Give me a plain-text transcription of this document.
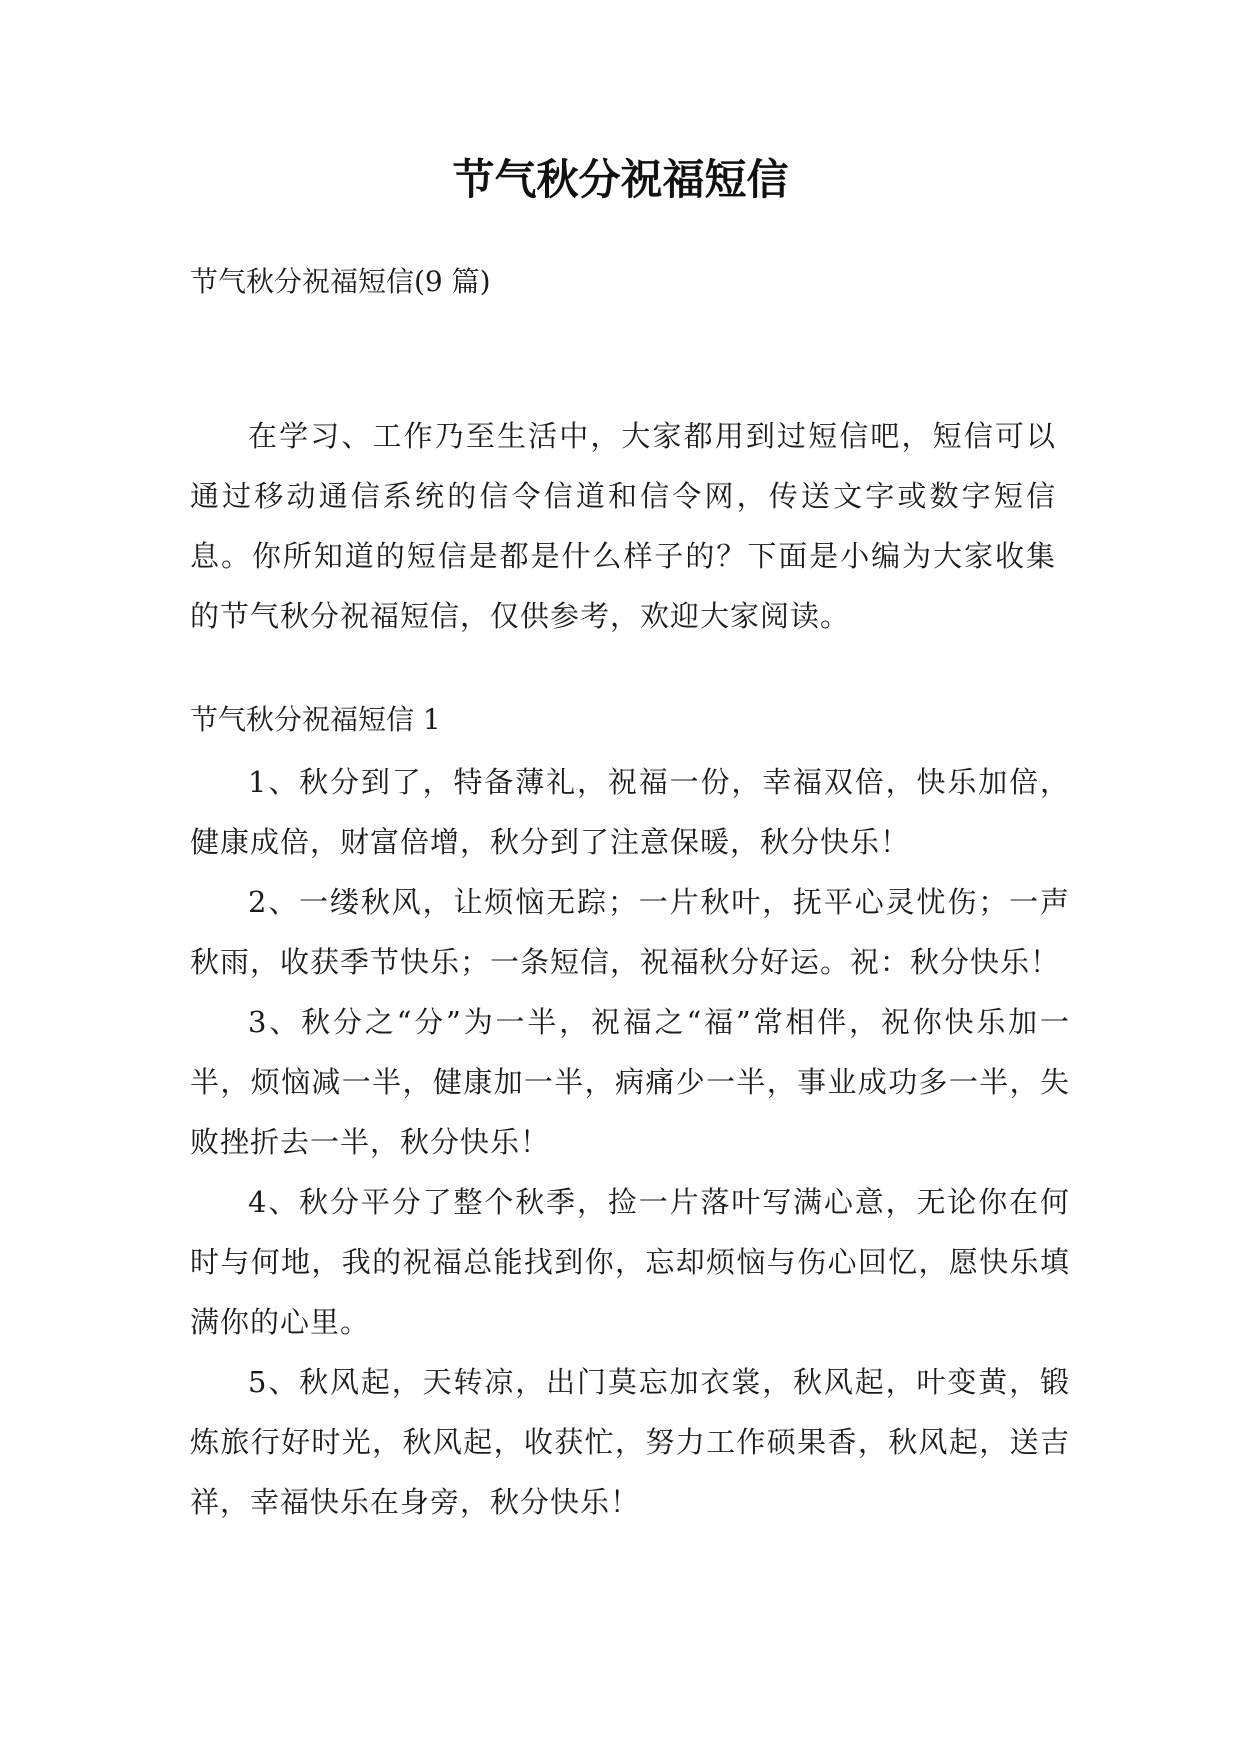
节气秋分祝福短信

节气秋分祝福短信(9 篇)

在学习、工作乃至生活中，大家都用到过短信吧，短信可以通过移动通信系统的信令信道和信令网，传送文字或数字短信息。你所知道的短信是都是什么样子的？下面是小编为大家收集的节气秋分祝福短信，仅供参考，欢迎大家阅读。

节气秋分祝福短信 1

1、秋分到了，特备薄礼，祝福一份，幸福双倍，快乐加倍，健康成倍，财富倍增，秋分到了注意保暖，秋分快乐！

2、一缕秋风，让烦恼无踪；一片秋叶，抚平心灵忧伤；一声秋雨，收获季节快乐；一条短信，祝福秋分好运。祝：秋分快乐！

3、秋分之“分”为一半，祝福之“福”常相伴，祝你快乐加一半，烦恼减一半，健康加一半，病痛少一半，事业成功多一半，失败挫折去一半，秋分快乐！

4、秋分平分了整个秋季，捡一片落叶写满心意，无论你在何时与何地，我的祝福总能找到你，忘却烦恼与伤心回忆，愿快乐填满你的心里。

5、秋风起，天转凉，出门莫忘加衣裳，秋风起，叶变黄，锻炼旅行好时光，秋风起，收获忙，努力工作硕果香，秋风起，送吉祥，幸福快乐在身旁，秋分快乐！
